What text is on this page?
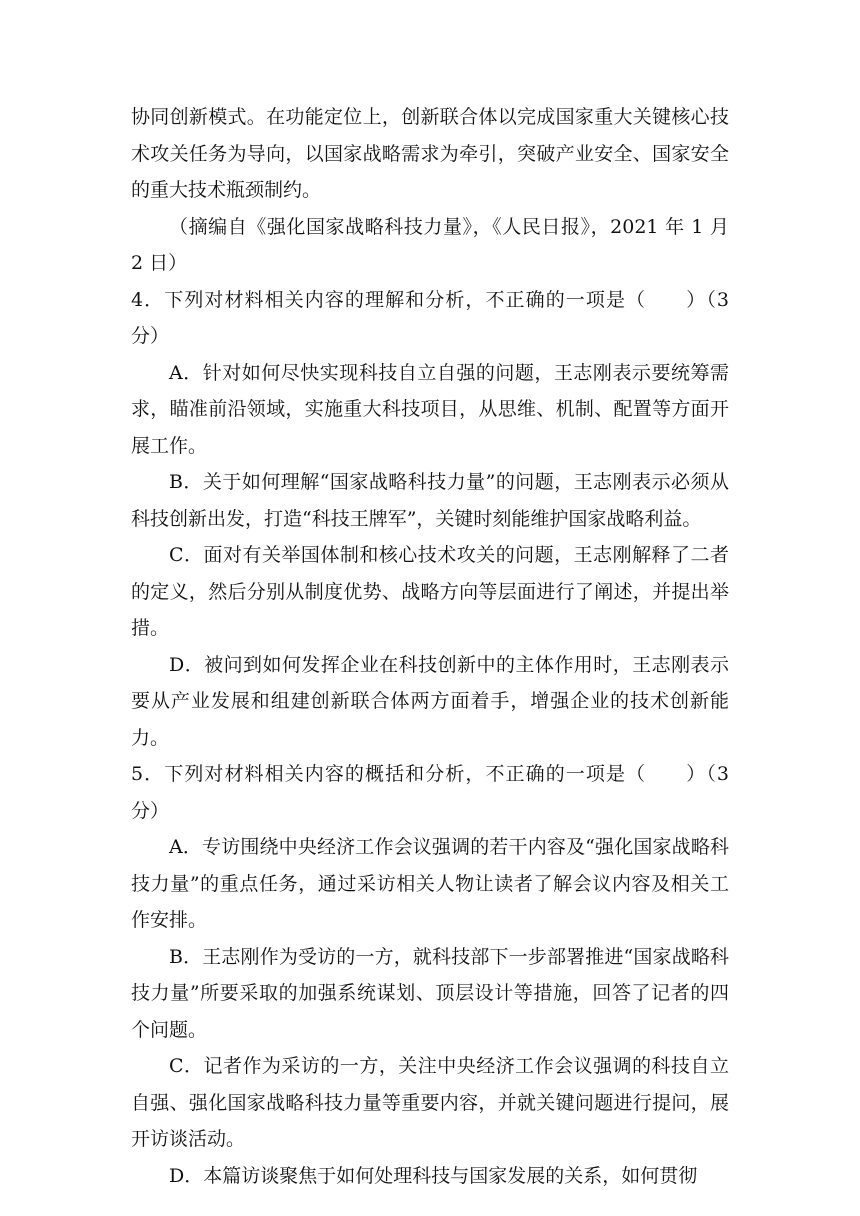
协同创新模式。在功能定位上，创新联合体以完成国家重大关键核心技术攻关任务为导向，以国家战略需求为牵引，突破产业安全、国家安全的重大技术瓶颈制约。

（摘编自《强化国家战略科技力量》，《人民日报》，2021 年 1 月 2 日）

4．下列对材料相关内容的理解和分析，不正确的一项是（　　）（3 分）

A．针对如何尽快实现科技自立自强的问题，王志刚表示要统筹需求，瞄准前沿领域，实施重大科技项目，从思维、机制、配置等方面开展工作。

B．关于如何理解“国家战略科技力量”的问题，王志刚表示必须从科技创新出发，打造“科技王牌军”，关键时刻能维护国家战略利益。

C．面对有关举国体制和核心技术攻关的问题，王志刚解释了二者的定义，然后分别从制度优势、战略方向等层面进行了阐述，并提出举措。

D．被问到如何发挥企业在科技创新中的主体作用时，王志刚表示要从产业发展和组建创新联合体两方面着手，增强企业的技术创新能力。

5．下列对材料相关内容的概括和分析，不正确的一项是（　　）（3 分）

A．专访围绕中央经济工作会议强调的若干内容及“强化国家战略科技力量”的重点任务，通过采访相关人物让读者了解会议内容及相关工作安排。

B．王志刚作为受访的一方，就科技部下一步部署推进“国家战略科技力量”所要采取的加强系统谋划、顶层设计等措施，回答了记者的四个问题。

C．记者作为采访的一方，关注中央经济工作会议强调的科技自立自强、强化国家战略科技力量等重要内容，并就关键问题进行提问，展开访谈活动。

D．本篇访谈聚焦于如何处理科技与国家发展的关系，如何贯彻
